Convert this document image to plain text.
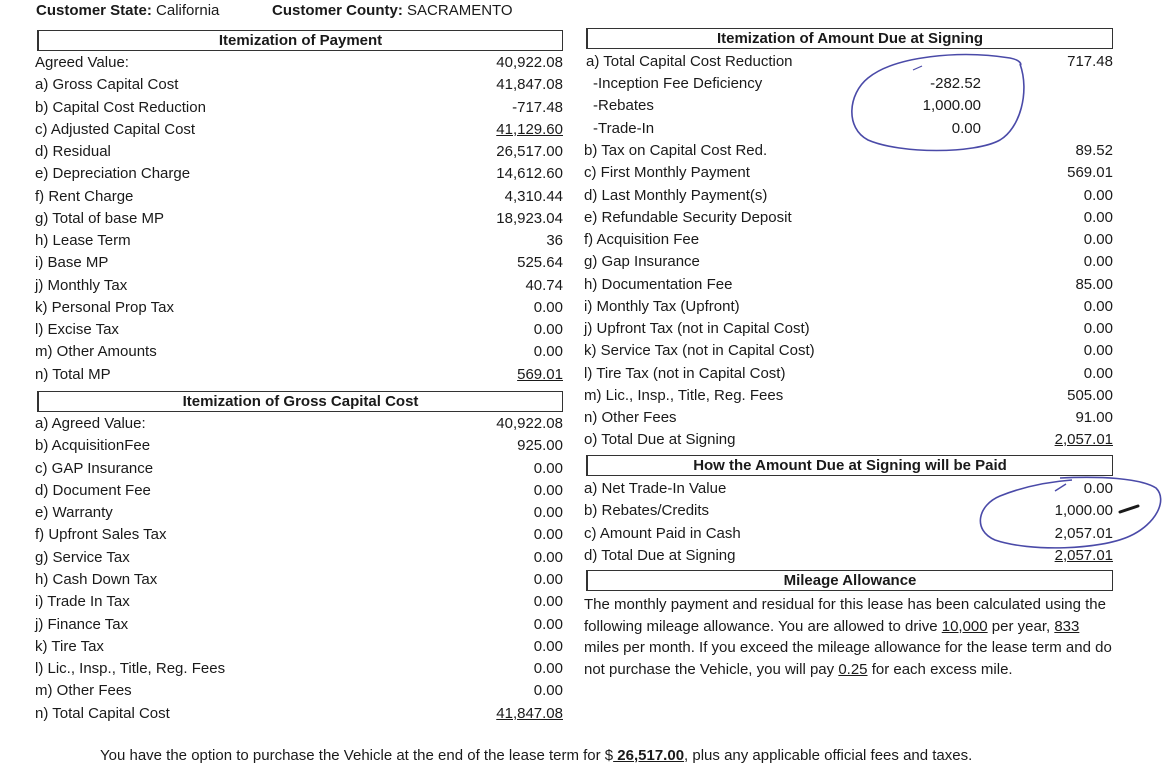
Customer State: California	Customer County: SACRAMENTO
Itemization of Payment
Agreed Value:	40,922.08
a) Gross Capital Cost	41,847.08
b) Capital Cost Reduction	-717.48
c) Adjusted Capital Cost	41,129.60
d) Residual	26,517.00
e) Depreciation Charge	14,612.60
f) Rent Charge	4,310.44
g) Total of base MP	18,923.04
h) Lease Term	36
i) Base MP	525.64
j) Monthly Tax	40.74
k) Personal Prop Tax	0.00
l) Excise Tax	0.00
m) Other Amounts	0.00
n) Total MP	569.01
Itemization of Gross Capital Cost
a) Agreed Value:	40,922.08
b) AcquisitionFee	925.00
c) GAP Insurance	0.00
d) Document Fee	0.00
e) Warranty	0.00
f) Upfront Sales Tax	0.00
g) Service Tax	0.00
h) Cash Down Tax	0.00
i) Trade In Tax	0.00
j) Finance Tax	0.00
k) Tire Tax	0.00
l) Lic., Insp., Title, Reg. Fees	0.00
m) Other Fees	0.00
n) Total Capital Cost	41,847.08
Itemization of Amount Due at Signing
a) Total Capital Cost Reduction	717.48
-Inception Fee Deficiency	-282.52
-Rebates	1,000.00
-Trade-In	0.00
b) Tax on Capital Cost Red.	89.52
c) First Monthly Payment	569.01
d) Last Monthly Payment(s)	0.00
e) Refundable Security Deposit	0.00
f) Acquisition Fee	0.00
g) Gap Insurance	0.00
h) Documentation Fee	85.00
i) Monthly Tax (Upfront)	0.00
j) Upfront Tax (not in Capital Cost)	0.00
k) Service Tax (not in Capital Cost)	0.00
l) Tire Tax (not in Capital Cost)	0.00
m) Lic., Insp., Title, Reg. Fees	505.00
n) Other Fees	91.00
o) Total Due at Signing	2,057.01
How the Amount Due at Signing will be Paid
a) Net Trade-In Value	0.00
b) Rebates/Credits	1,000.00
c) Amount Paid in Cash	2,057.01
d) Total Due at Signing	2,057.01
Mileage Allowance
The monthly payment and residual for this lease has been calculated using the following mileage allowance. You are allowed to drive 10,000 per year, 833 miles per month. If you exceed the mileage allowance for the lease term and do not purchase the Vehicle, you will pay 0.25 for each excess mile.
You have the option to purchase the Vehicle at the end of the lease term for $ 26,517.00, plus any applicable official fees and taxes.
